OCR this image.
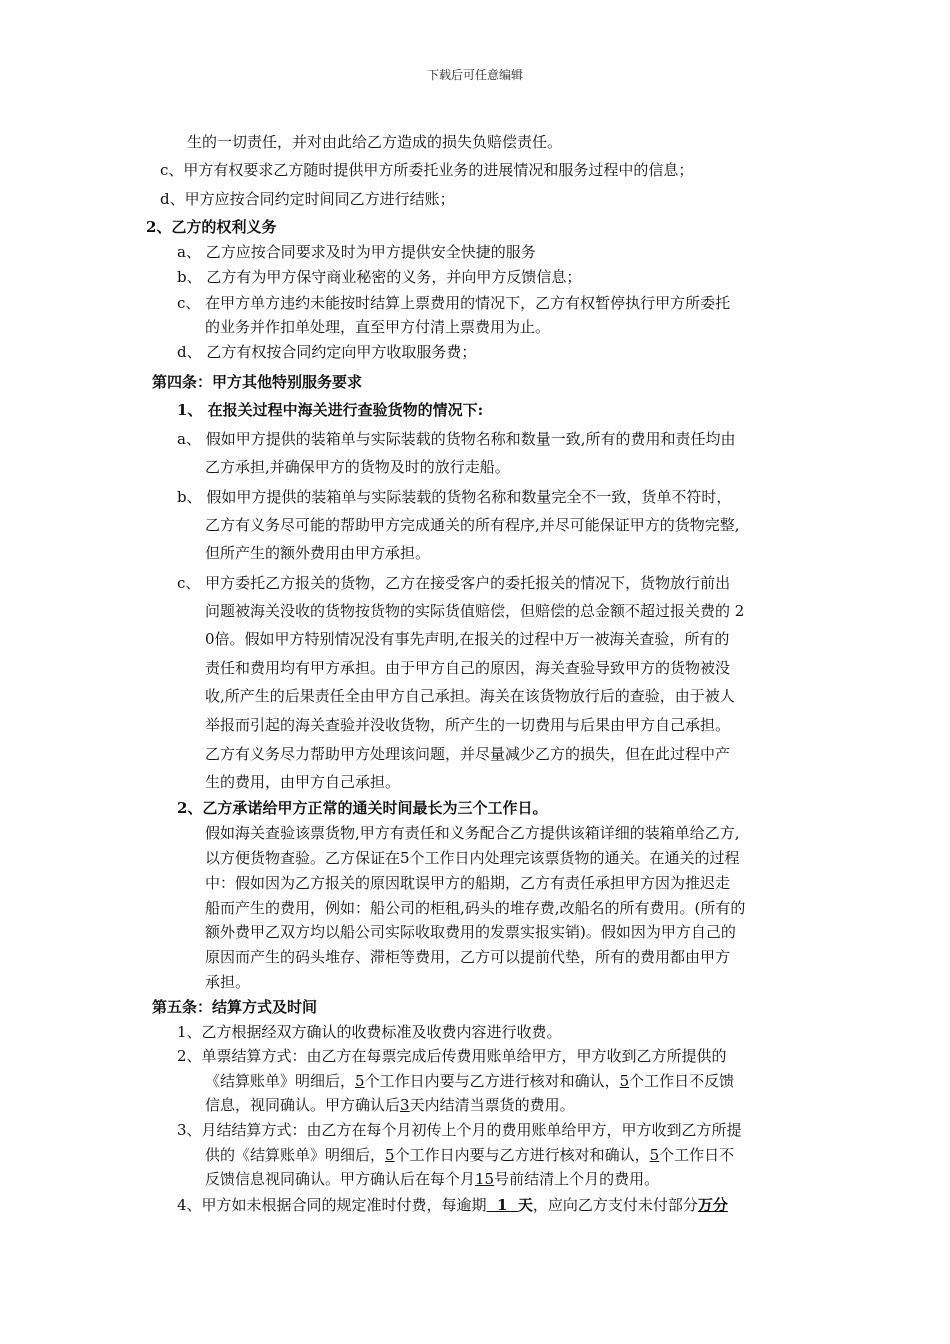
下载后可任意编辑
生的一切责任，并对由此给乙方造成的损失负赔偿责任。
c、甲方有权要求乙方随时提供甲方所委托业务的进展情况和服务过程中的信息；
d、甲方应按合同约定时间同乙方进行结账；
2、乙方的权利义务
a、 乙方应按合同要求及时为甲方提供安全快捷的服务
b、 乙方有为甲方保守商业秘密的义务，并向甲方反馈信息；
c、 在甲方单方违约未能按时结算上票费用的情况下，乙方有权暂停执行甲方所委托
的业务并作扣单处理，直至甲方付清上票费用为止。
d、 乙方有权按合同约定向甲方收取服务费；
第四条：甲方其他特别服务要求
1、 在报关过程中海关进行查验货物的情况下:
a、 假如甲方提供的装箱单与实际装载的货物名称和数量一致,所有的费用和责任均由
乙方承担,并确保甲方的货物及时的放行走船。
b、 假如甲方提供的装箱单与实际装载的货物名称和数量完全不一致，货单不符时，
乙方有义务尽可能的帮助甲方完成通关的所有程序,并尽可能保证甲方的货物完整,
但所产生的额外费用由甲方承担。
c、 甲方委托乙方报关的货物，乙方在接受客户的委托报关的情况下，货物放行前出
问题被海关没收的货物按货物的实际货值赔偿，但赔偿的总金额不超过报关费的 2
0倍。假如甲方特别情况没有事先声明,在报关的过程中万一被海关查验，所有的
责任和费用均有甲方承担。由于甲方自己的原因，海关查验导致甲方的货物被没
收,所产生的后果责任全由甲方自己承担。海关在该货物放行后的查验，由于被人
举报而引起的海关查验并没收货物，所产生的一切费用与后果由甲方自己承担。
乙方有义务尽力帮助甲方处理该问题，并尽量减少乙方的损失，但在此过程中产
生的费用，由甲方自己承担。
2、乙方承诺给甲方正常的通关时间最长为三个工作日。
假如海关查验该票货物,甲方有责任和义务配合乙方提供该箱详细的装箱单给乙方,
以方便货物查验。乙方保证在5个工作日内处理完该票货物的通关。在通关的过程
中：假如因为乙方报关的原因耽误甲方的船期，乙方有责任承担甲方因为推迟走
船而产生的费用，例如：船公司的柜租,码头的堆存费,改船名的所有费用。(所有的
额外费甲乙双方均以船公司实际收取费用的发票实报实销)。假如因为甲方自己的
原因而产生的码头堆存、滞柜等费用，乙方可以提前代垫，所有的费用都由甲方
承担。
第五条：结算方式及时间
1、乙方根据经双方确认的收费标准及收费内容进行收费。
2、单票结算方式：由乙方在每票完成后传费用账单给甲方，甲方收到乙方所提供的
《结算账单》明细后，5个工作日内要与乙方进行核对和确认，5个工作日不反馈
信息，视同确认。甲方确认后3天内结清当票货的费用。
3、月结结算方式：由乙方在每个月初传上个月的费用账单给甲方，甲方收到乙方所提
供的《结算账单》明细后，5个工作日内要与乙方进行核对和确认，5个工作日不
反馈信息视同确认。甲方确认后在每个月15号前结清上个月的费用。
4、甲方如未根据合同的规定准时付费，每逾期  1  天，应向乙方支付未付部分万分
